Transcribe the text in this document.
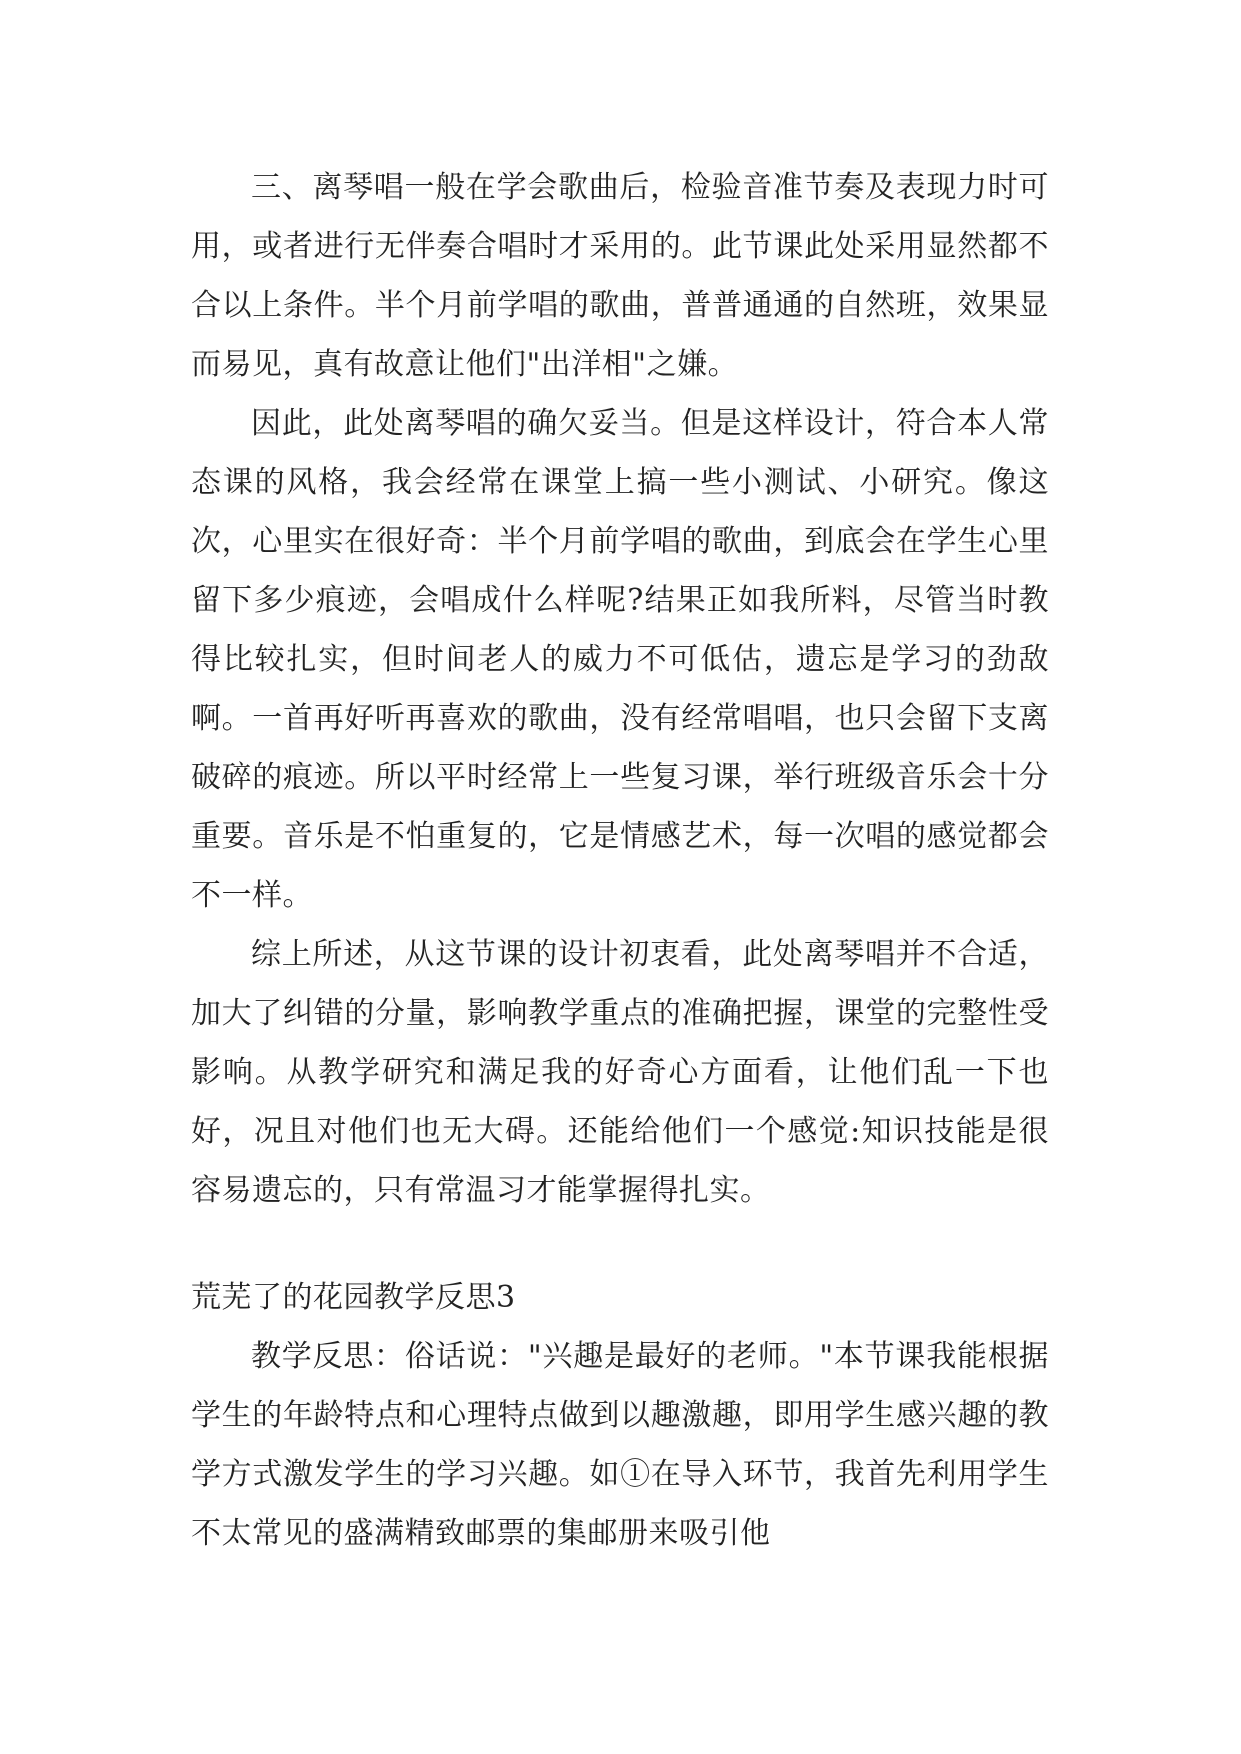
三、离琴唱一般在学会歌曲后，检验音准节奏及表现力时可用，或者进行无伴奏合唱时才采用的。此节课此处采用显然都不合以上条件。半个月前学唱的歌曲，普普通通的自然班，效果显而易见，真有故意让他们"出洋相"之嫌。

因此，此处离琴唱的确欠妥当。但是这样设计，符合本人常态课的风格，我会经常在课堂上搞一些小测试、小研究。像这次，心里实在很好奇：半个月前学唱的歌曲，到底会在学生心里留下多少痕迹，会唱成什么样呢?结果正如我所料，尽管当时教得比较扎实，但时间老人的威力不可低估，遗忘是学习的劲敌啊。一首再好听再喜欢的歌曲，没有经常唱唱，也只会留下支离破碎的痕迹。所以平时经常上一些复习课，举行班级音乐会十分重要。音乐是不怕重复的，它是情感艺术，每一次唱的感觉都会不一样。

综上所述，从这节课的设计初衷看，此处离琴唱并不合适，加大了纠错的分量，影响教学重点的准确把握，课堂的完整性受影响。从教学研究和满足我的好奇心方面看，让他们乱一下也好，况且对他们也无大碍。还能给他们一个感觉:知识技能是很容易遗忘的，只有常温习才能掌握得扎实。

荒芜了的花园教学反思3

教学反思：俗话说："兴趣是最好的老师。"本节课我能根据学生的年龄特点和心理特点做到以趣激趣，即用学生感兴趣的教学方式激发学生的学习兴趣。如①在导入环节，我首先利用学生不太常见的盛满精致邮票的集邮册来吸引他
